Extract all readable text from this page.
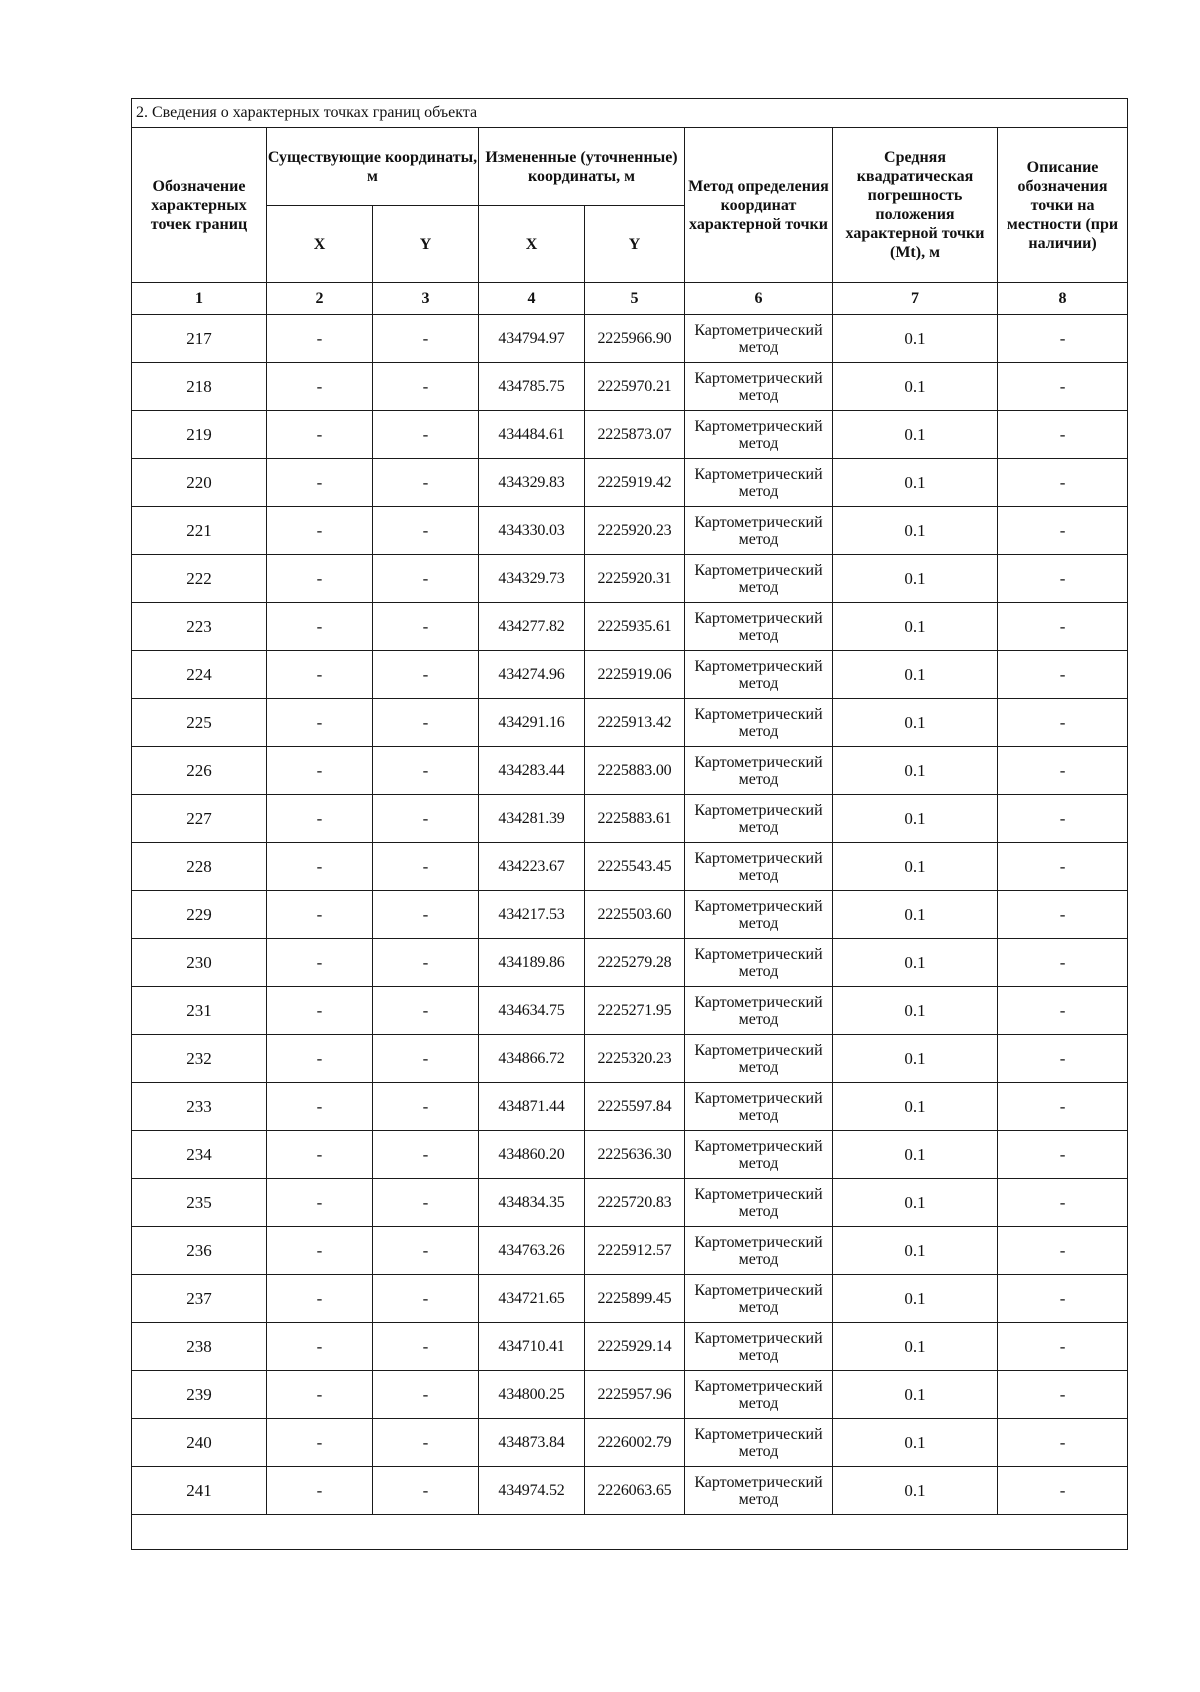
2. Сведения о характерных точках границ объекта							
Обозначение характерных точек границ	Существующие координаты, м		Измененные (уточненные) координаты, м		Метод определения координат характерной точки	Средняя квадратическая погрешность положения характерной точки (Mt), м	Описание обозначения точки на местности (при наличии)
	X	Y	X	Y			
1	2	3	4	5	6	7	8
217	-	-	434794.97	2225966.90	Картометрический метод	0.1	-
218	-	-	434785.75	2225970.21	Картометрический метод	0.1	-
219	-	-	434484.61	2225873.07	Картометрический метод	0.1	-
220	-	-	434329.83	2225919.42	Картометрический метод	0.1	-
221	-	-	434330.03	2225920.23	Картометрический метод	0.1	-
222	-	-	434329.73	2225920.31	Картометрический метод	0.1	-
223	-	-	434277.82	2225935.61	Картометрический метод	0.1	-
224	-	-	434274.96	2225919.06	Картометрический метод	0.1	-
225	-	-	434291.16	2225913.42	Картометрический метод	0.1	-
226	-	-	434283.44	2225883.00	Картометрический метод	0.1	-
227	-	-	434281.39	2225883.61	Картометрический метод	0.1	-
228	-	-	434223.67	2225543.45	Картометрический метод	0.1	-
229	-	-	434217.53	2225503.60	Картометрический метод	0.1	-
230	-	-	434189.86	2225279.28	Картометрический метод	0.1	-
231	-	-	434634.75	2225271.95	Картометрический метод	0.1	-
232	-	-	434866.72	2225320.23	Картометрический метод	0.1	-
233	-	-	434871.44	2225597.84	Картометрический метод	0.1	-
234	-	-	434860.20	2225636.30	Картометрический метод	0.1	-
235	-	-	434834.35	2225720.83	Картометрический метод	0.1	-
236	-	-	434763.26	2225912.57	Картометрический метод	0.1	-
237	-	-	434721.65	2225899.45	Картометрический метод	0.1	-
238	-	-	434710.41	2225929.14	Картометрический метод	0.1	-
239	-	-	434800.25	2225957.96	Картометрический метод	0.1	-
240	-	-	434873.84	2226002.79	Картометрический метод	0.1	-
241	-	-	434974.52	2226063.65	Картометрический метод	0.1	-
